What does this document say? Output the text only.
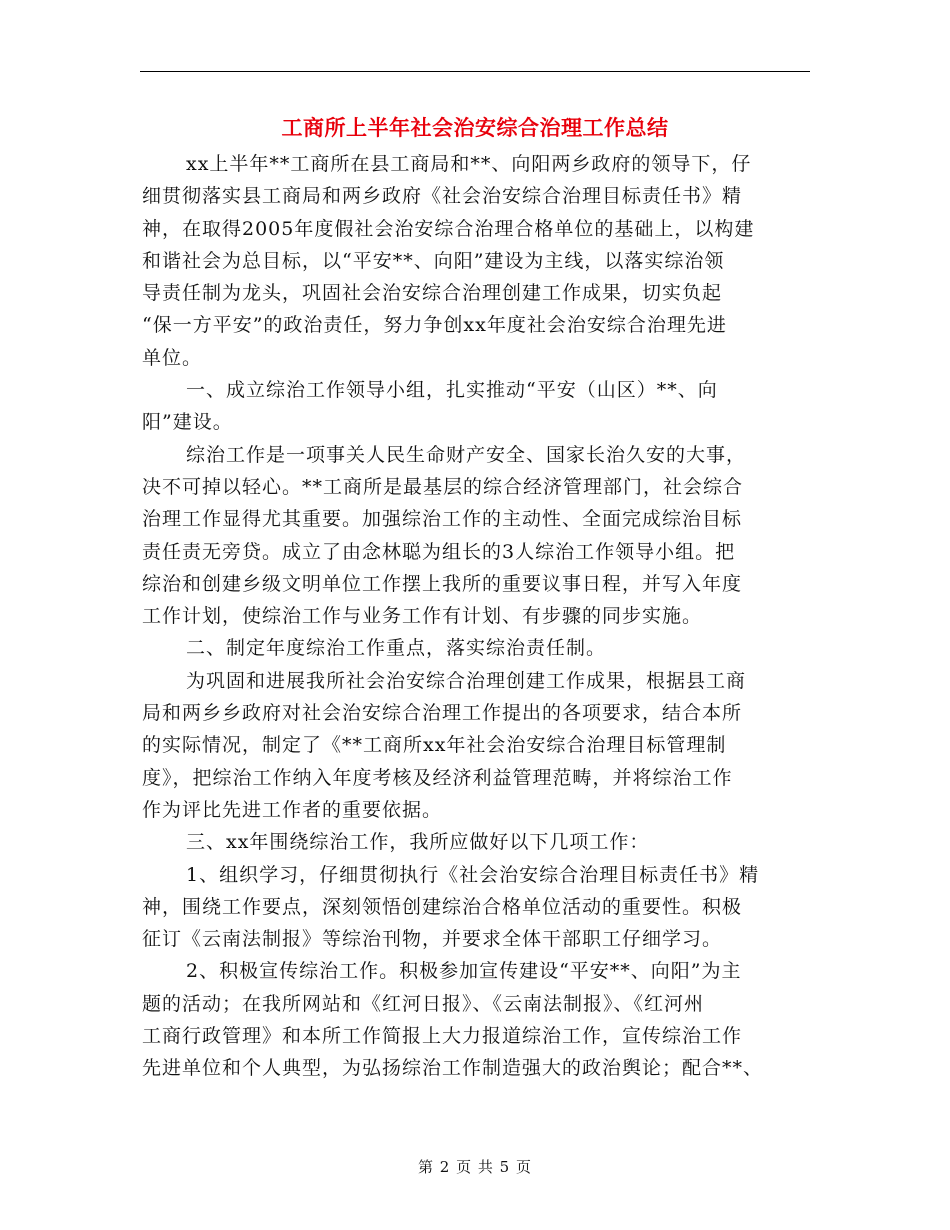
工商所上半年社会治安综合治理工作总结
xx上半年**工商所在县工商局和**、向阳两乡政府的领导下，仔
细贯彻落实县工商局和两乡政府《社会治安综合治理目标责任书》精
神，在取得2005年度假社会治安综合治理合格单位的基础上，以构建
和谐社会为总目标，以“平安**、向阳”建设为主线，以落实综治领
导责任制为龙头，巩固社会治安综合治理创建工作成果，切实负起
“保一方平安”的政治责任，努力争创xx年度社会治安综合治理先进
单位。
一、成立综治工作领导小组，扎实推动“平安（山区）**、向
阳”建设。
综治工作是一项事关人民生命财产安全、国家长治久安的大事，
决不可掉以轻心。**工商所是最基层的综合经济管理部门，社会综合
治理工作显得尤其重要。加强综治工作的主动性、全面完成综治目标
责任责无旁贷。成立了由念林聪为组长的3人综治工作领导小组。把
综治和创建乡级文明单位工作摆上我所的重要议事日程，并写入年度
工作计划，使综治工作与业务工作有计划、有步骤的同步实施。
二、制定年度综治工作重点，落实综治责任制。
为巩固和进展我所社会治安综合治理创建工作成果，根据县工商
局和两乡乡政府对社会治安综合治理工作提出的各项要求，结合本所
的实际情况，制定了《**工商所xx年社会治安综合治理目标管理制
度》，把综治工作纳入年度考核及经济利益管理范畴，并将综治工作
作为评比先进工作者的重要依据。
三、xx年围绕综治工作，我所应做好以下几项工作：
1、组织学习，仔细贯彻执行《社会治安综合治理目标责任书》精
神，围绕工作要点，深刻领悟创建综治合格单位活动的重要性。积极
征订《云南法制报》等综治刊物，并要求全体干部职工仔细学习。
2、积极宣传综治工作。积极参加宣传建设“平安**、向阳”为主
题的活动；在我所网站和《红河日报》、《云南法制报》、《红河州
工商行政管理》和本所工作简报上大力报道综治工作，宣传综治工作
先进单位和个人典型，为弘扬综治工作制造强大的政治舆论；配合**、
第 2 页 共 5 页
